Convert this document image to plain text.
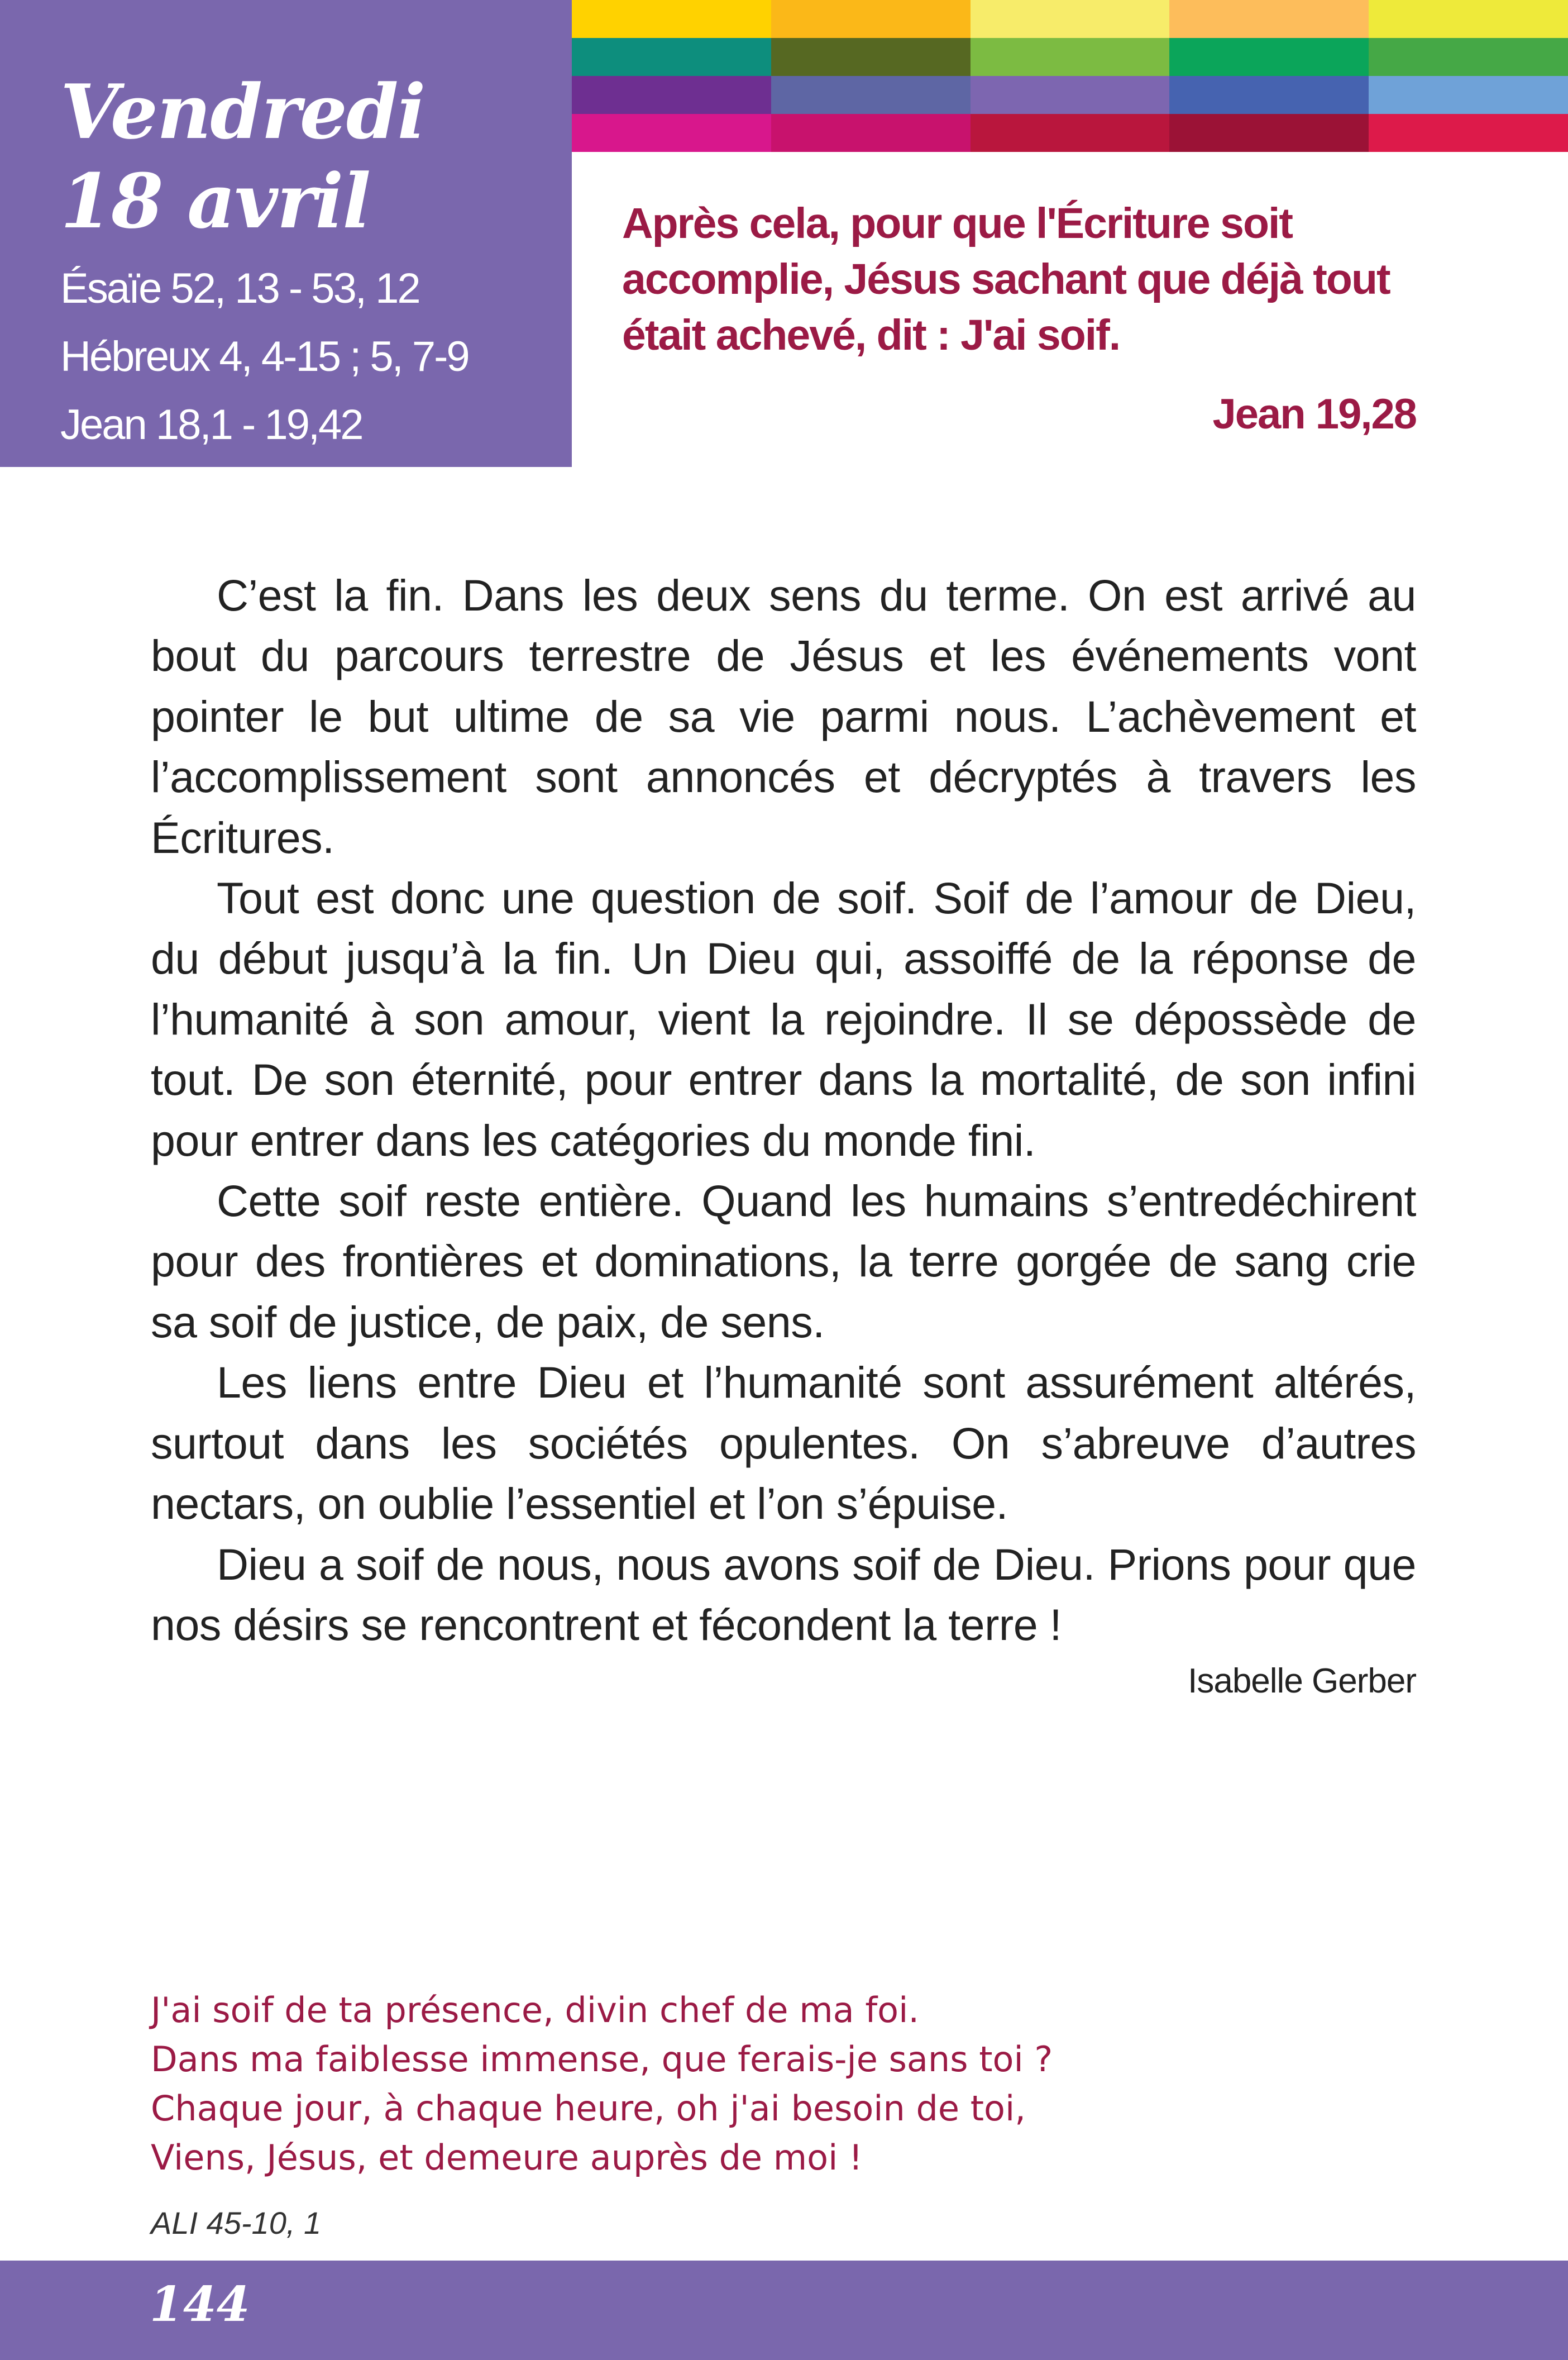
Vendredi
18 avril
Ésaïe 52, 13 - 53, 12
Hébreux 4, 4-15 ; 5, 7-9
Jean 18,1 - 19,42
Après cela, pour que l'Écriture soit accomplie, Jésus sachant que déjà tout était achevé, dit : J'ai soif.
Jean 19,28

C’est la fin. Dans les deux sens du terme. On est arrivé au bout du parcours terrestre de Jésus et les événements vont pointer le but ultime de sa vie parmi nous. L’achèvement et l’accomplissement sont annoncés et décryptés à travers les Écritures.

Tout est donc une question de soif. Soif de l’amour de Dieu, du début jusqu’à la fin. Un Dieu qui, assoiffé de la réponse de l’humanité à son amour, vient la rejoindre. Il se dépossède de tout. De son éternité, pour entrer dans la mortalité, de son infini pour entrer dans les catégories du monde fini.

Cette soif reste entière. Quand les humains s’entredéchirent pour des frontières et dominations, la terre gorgée de sang crie sa soif de justice, de paix, de sens.

Les liens entre Dieu et l’humanité sont assurément altérés, surtout dans les sociétés opulentes. On s’abreuve d’autres nectars, on oublie l’essentiel et l’on s’épuise.

Dieu a soif de nous, nous avons soif de Dieu. Prions pour que nos désirs se rencontrent et fécondent la terre !

Isabelle Gerber
J'ai soif de ta présence, divin chef de ma foi.
Dans ma faiblesse immense, que ferais-je sans toi ?
Chaque jour, à chaque heure, oh j'ai besoin de toi,
Viens, Jésus, et demeure auprès de moi !
ALI 45-10, 1
144
